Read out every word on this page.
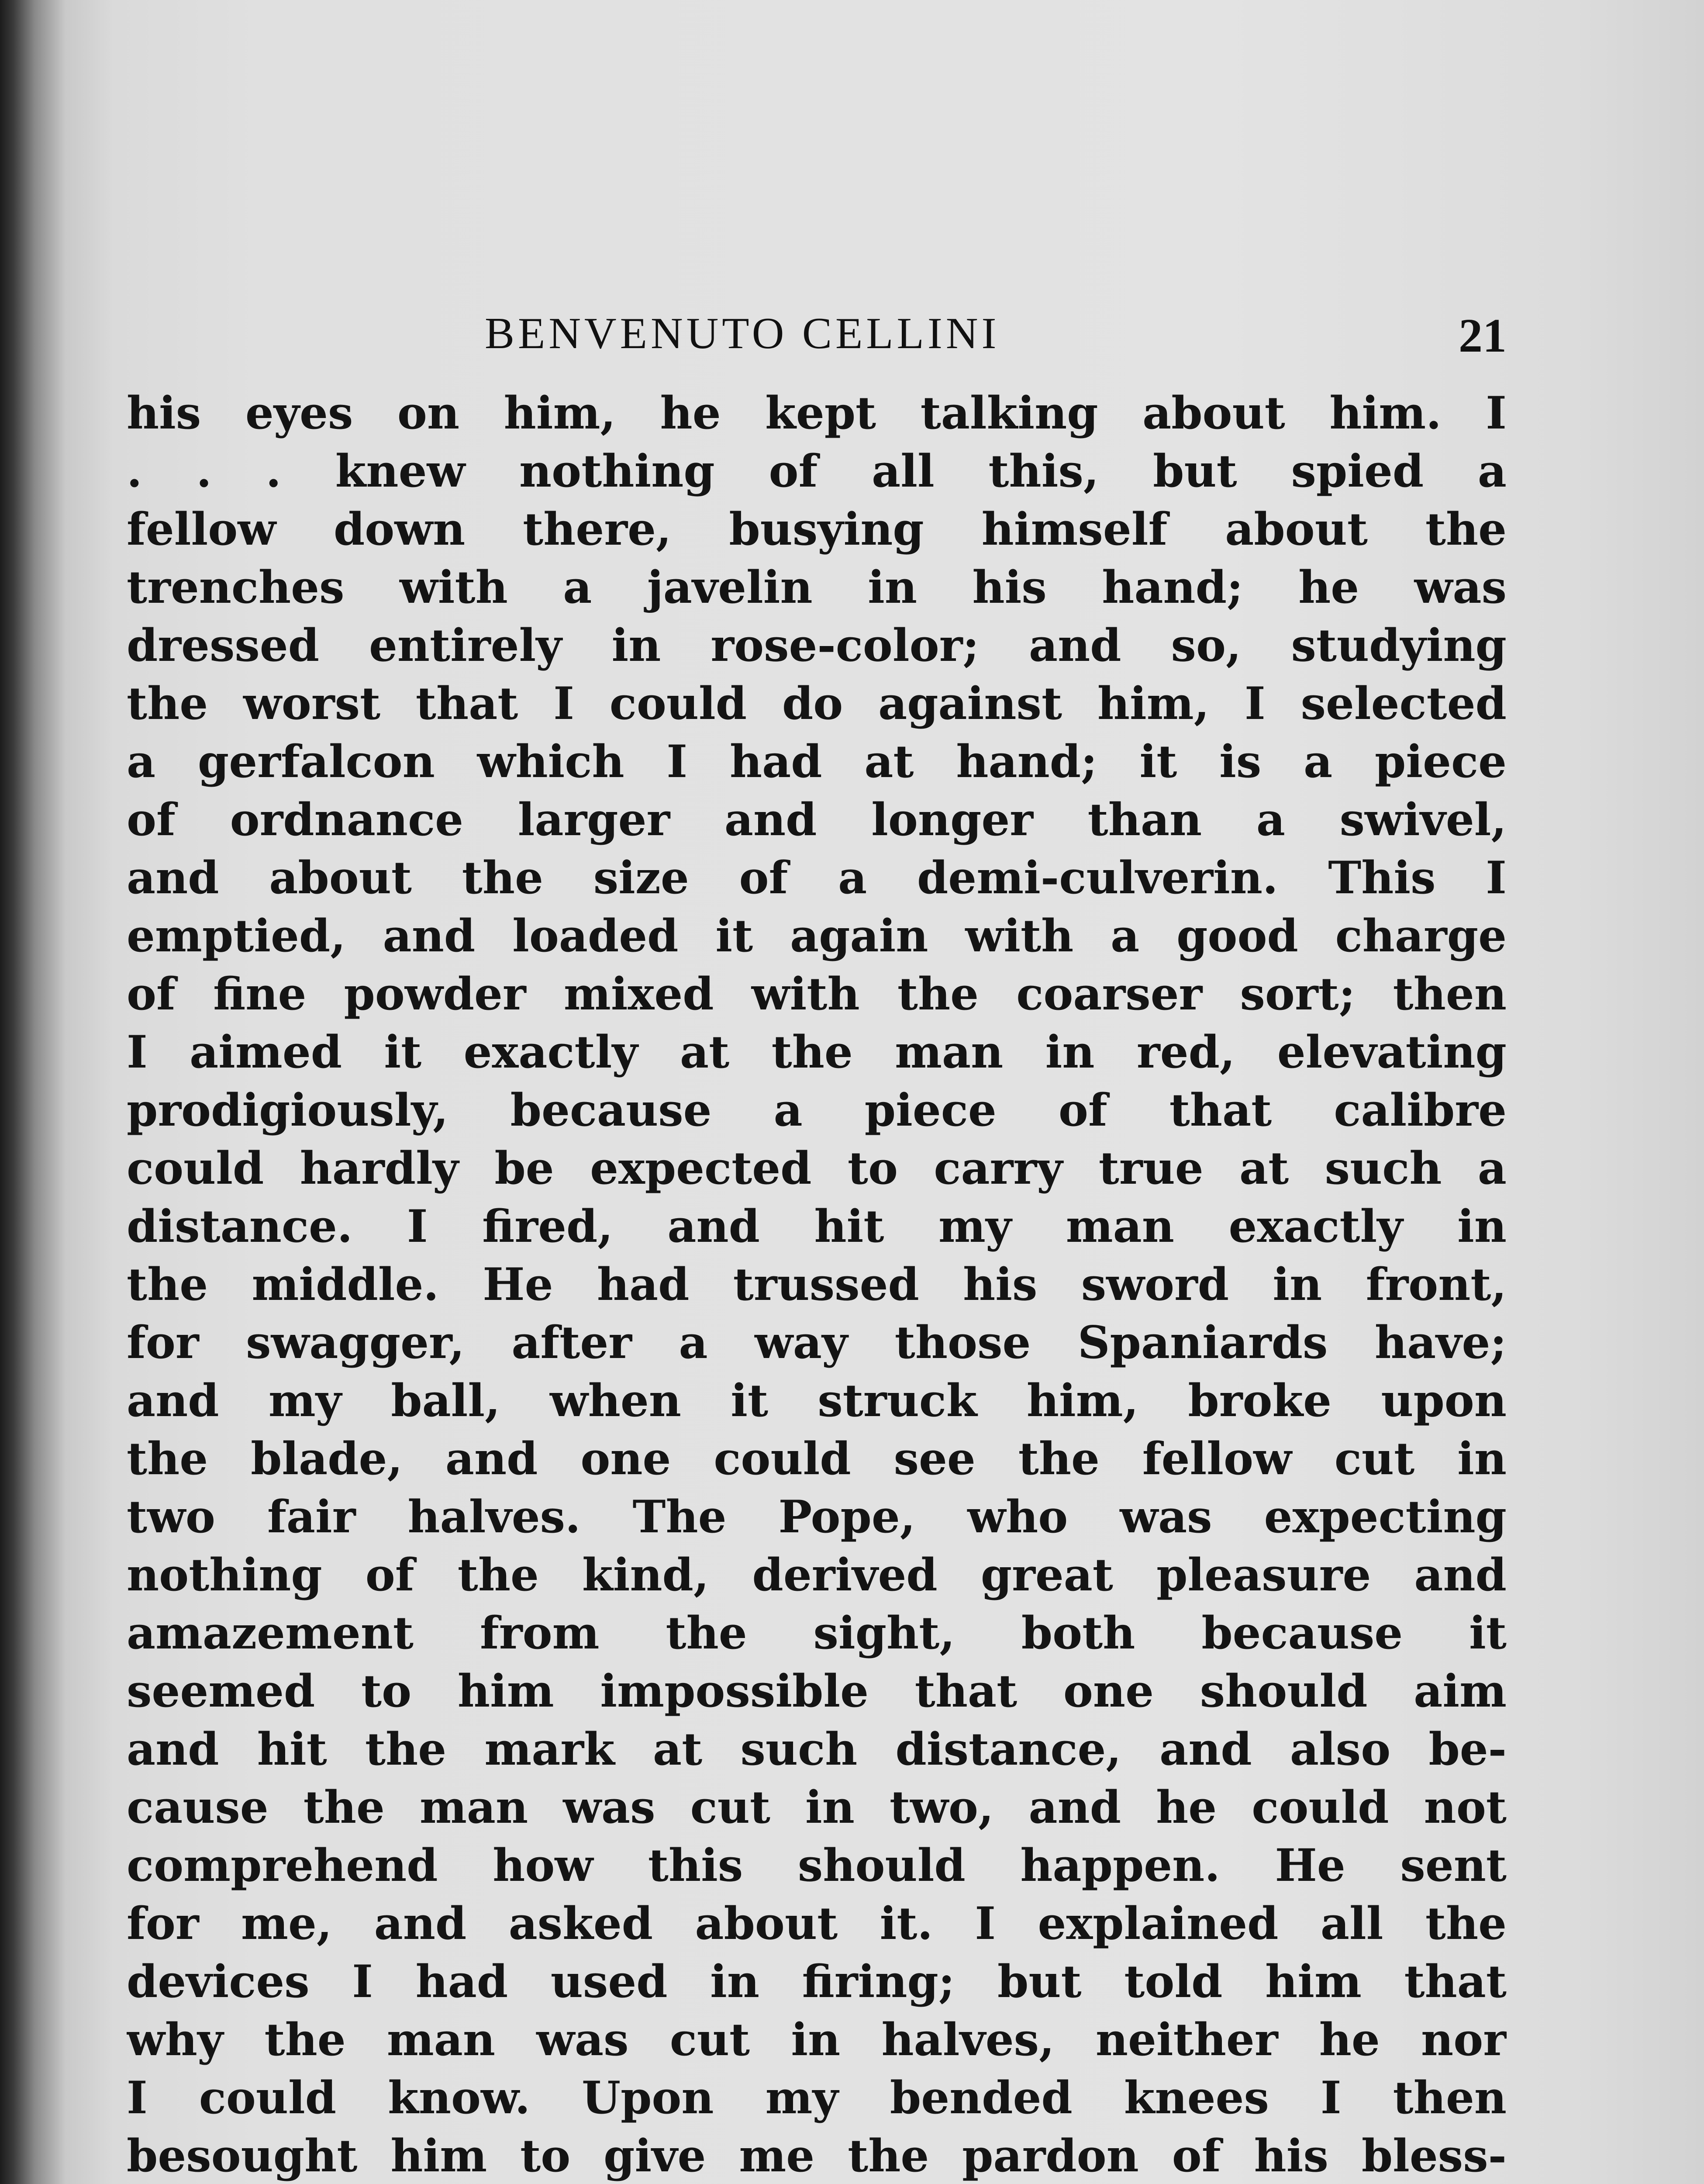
BENVENUTO CELLINI	21
his eyes on him, he kept talking about him. I
. . . knew nothing of all this, but spied a
fellow down there, busying himself about the
trenches with a javelin in his hand; he was
dressed entirely in rose-color; and so, studying
the worst that I could do against him, I selected
a gerfalcon which I had at hand; it is a piece
of ordnance larger and longer than a swivel,
and about the size of a demi-culverin. This I
emptied, and loaded it again with a good charge
of fine powder mixed with the coarser sort; then
I aimed it exactly at the man in red, elevating
prodigiously, because a piece of that calibre
could hardly be expected to carry true at such a
distance. I fired, and hit my man exactly in
the middle. He had trussed his sword in front,
for swagger, after a way those Spaniards have;
and my ball, when it struck him, broke upon
the blade, and one could see the fellow cut in
two fair halves. The Pope, who was expecting
nothing of the kind, derived great pleasure and
amazement from the sight, both because it
seemed to him impossible that one should aim
and hit the mark at such distance, and also be-
cause the man was cut in two, and he could not
comprehend how this should happen. He sent
for me, and asked about it. I explained all the
devices I had used in firing; but told him that
why the man was cut in halves, neither he nor
I could know. Upon my bended knees I then
besought him to give me the pardon of his bless-
